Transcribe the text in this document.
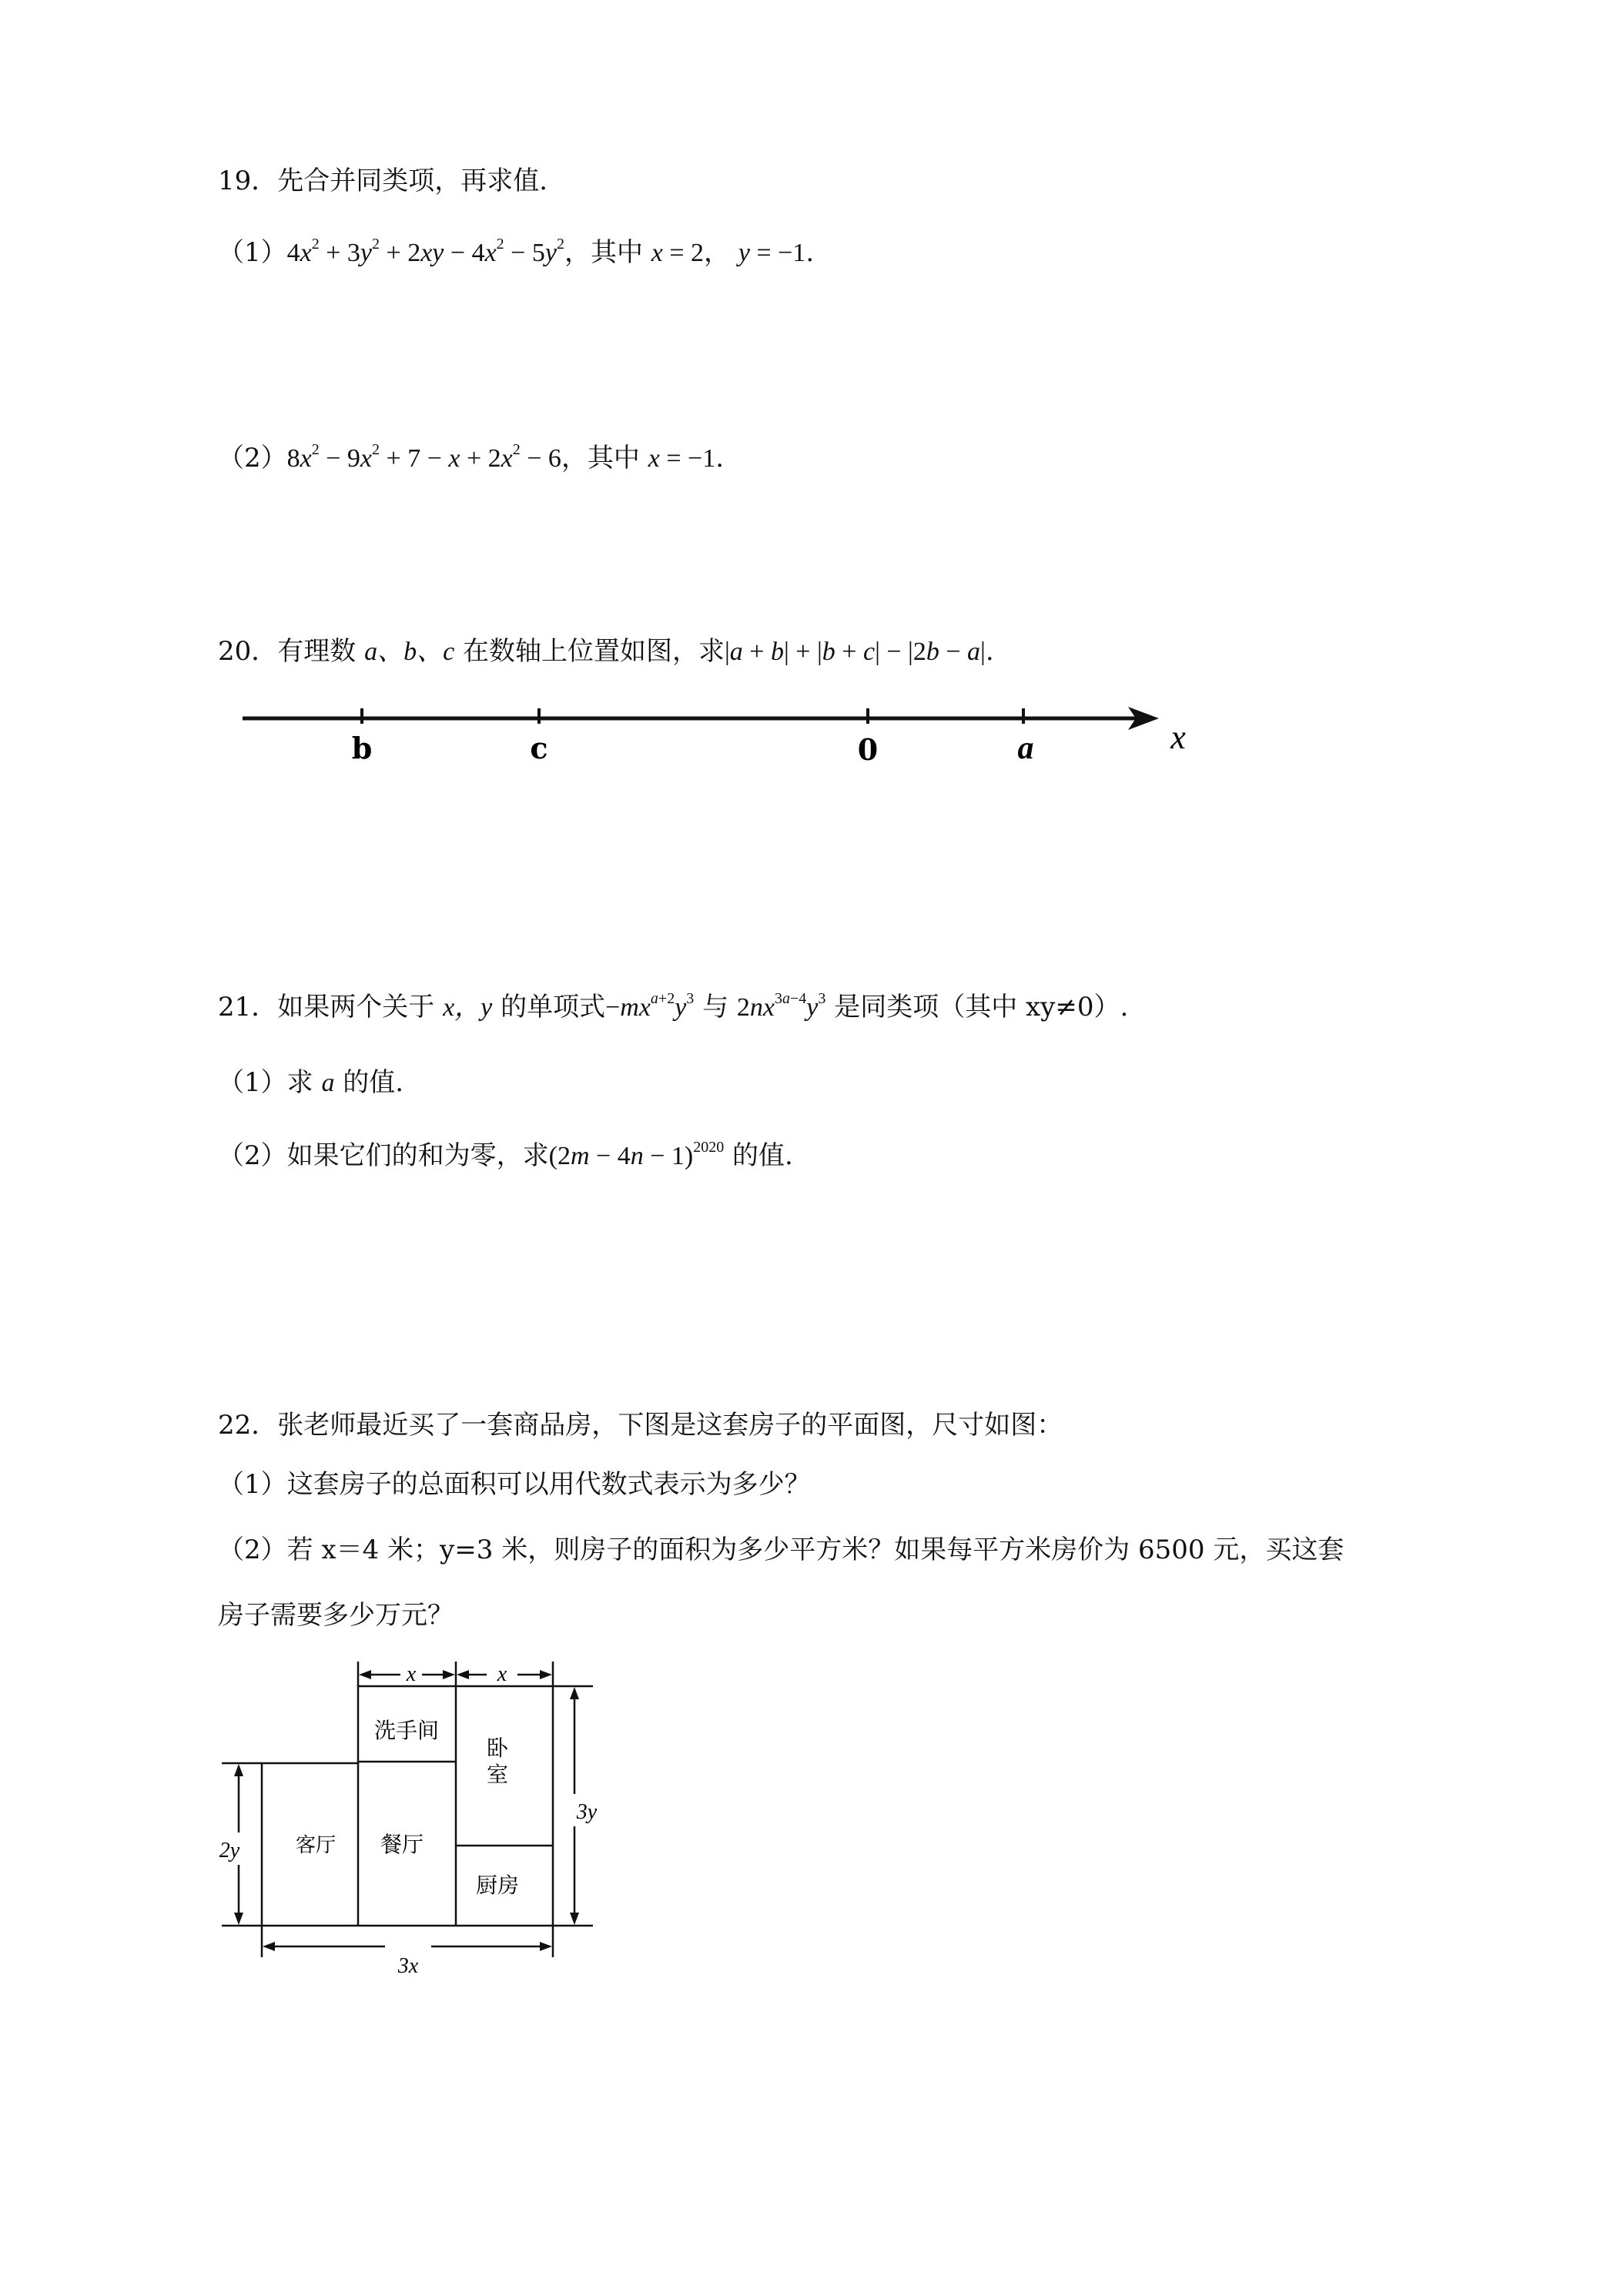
19．先合并同类项，再求值.

$(1)4x^2 + 3y^2 + 2xy - 4x^2 - 5y^2$，其中 x = 2， y = −1.

$(2)8x^2 - 9x^2 + 7 - x + 2x^2 - 6$，其中 x = −1.

20．有理数 a、b、c 在数轴上位置如图，求|a + b| + |b + c| − |2b − a|.

b	c	0	a	x

21．如果两个关于 x，y 的单项式$-mx^{a+2}y^3$ 与 $2nx^{3a-4}y^3$ 是同类项（其中 xy≠0）.

（1）求 a 的值.

（2）如果它们的和为零，求$(2m - 4n - 1)^{2020}$ 的值.

22．张老师最近买了一套商品房，下图是这套房子的平面图，尺寸如图：

（1）这套房子的总面积可以用代数式表示为多少？

（2）若 x＝4 米；y=3 米，则房子的面积为多少平方米？如果每平方米房价为 6500 元，买这套

房子需要多少万元？

x	x
2y
3y
3x
洗手间
卧
室
客厅 餐厅
厨房
